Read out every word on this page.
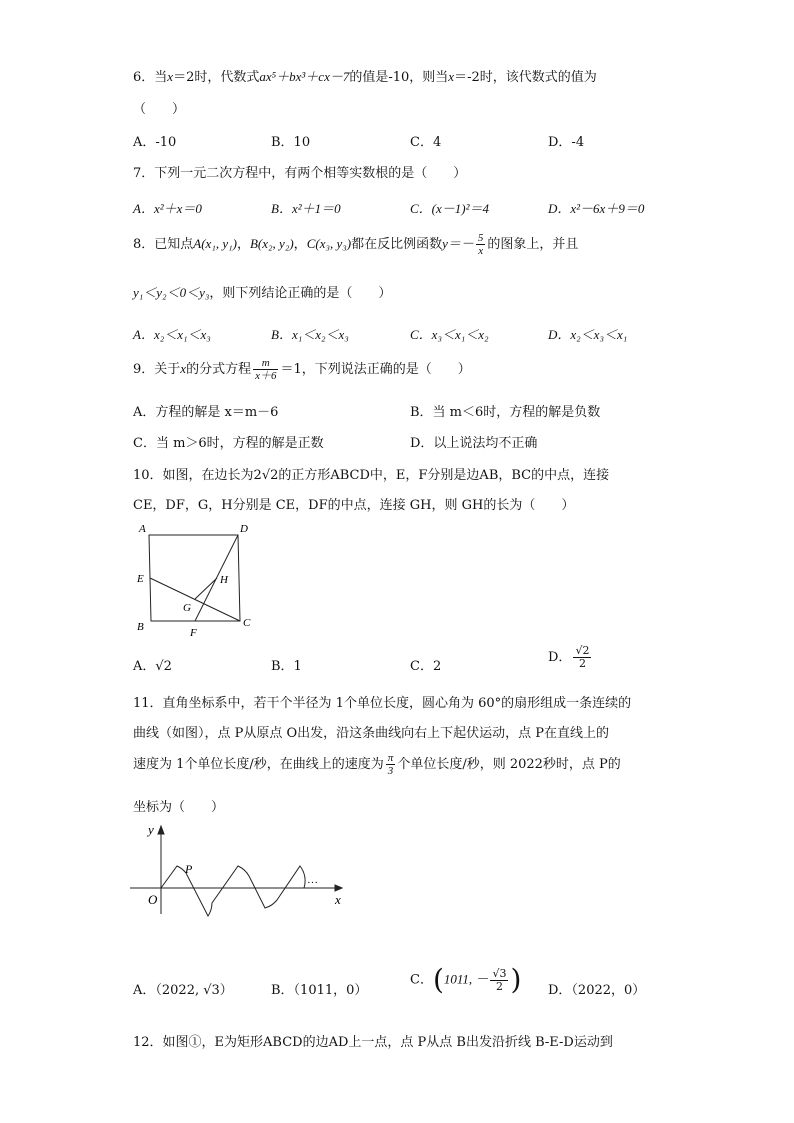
6．当x＝2时，代数式ax⁵＋bx³＋cx－7的值是-10，则当x＝-2时，该代数式的值为
（　　）
A．-10	B．10	C．4	D．-4
7．下列一元二次方程中，有两个相等实数根的是（　　）
A．x²＋x＝0	B．x²＋1＝0	C．(x－1)²＝4	D．x²－6x＋9＝0
8．已知点A(x₁, y₁)，B(x₂, y₂)，C(x₃, y₃)都在反比例函数$y=- \frac{5}{x}$ 的图象上，并且
y₁＜y₂＜0＜y₃，则下列结论正确的是（　　）
A．x₂＜x₁＜x₃	B．x₁＜x₂＜x₃	C．x₃＜x₁＜x₂	D．x₂＜x₃＜x₁
9．关于x的分式方程 $\frac{m}{x+6} =1$，下列说法正确的是（　　）
A．方程的解是 x＝m－6	B．当 m＜6时，方程的解是负数
C．当 m＞6时，方程的解是正数	D．以上说法均不正确
10．如图，在边长为2√2的正方形ABCD中，E，F分别是边AB，BC的中点，连接
CE，DF，G，H分别是 CE，DF的中点，连接 GH，则 GH的长为（　　）
A	D
E	H
G
B	C
F
A．√2	B．1	C．2
D． $\frac{√2}{2}$
11．直角坐标系中，若干个半径为 1个单位长度，圆心角为 60°的扇形组成一条连续的
曲线（如图），点 P从原点 O出发，沿这条曲线向右上下起伏运动，点 P在直线上的
速度为 1个单位长度/秒，在曲线上的速度为 $\frac{\pi}{3}$ 个单位长度/秒，则 2022秒时，点 P的
坐标为（　　）
y
x
O
P
···
A．（2022, √3）	B．（1011，0）
C．(1011, － $\frac{√3}{2}$ ) D．（2022，0）
12．如图①，E为矩形ABCD的边AD上一点，点 P从点 B出发沿折线 B-E-D运动到
